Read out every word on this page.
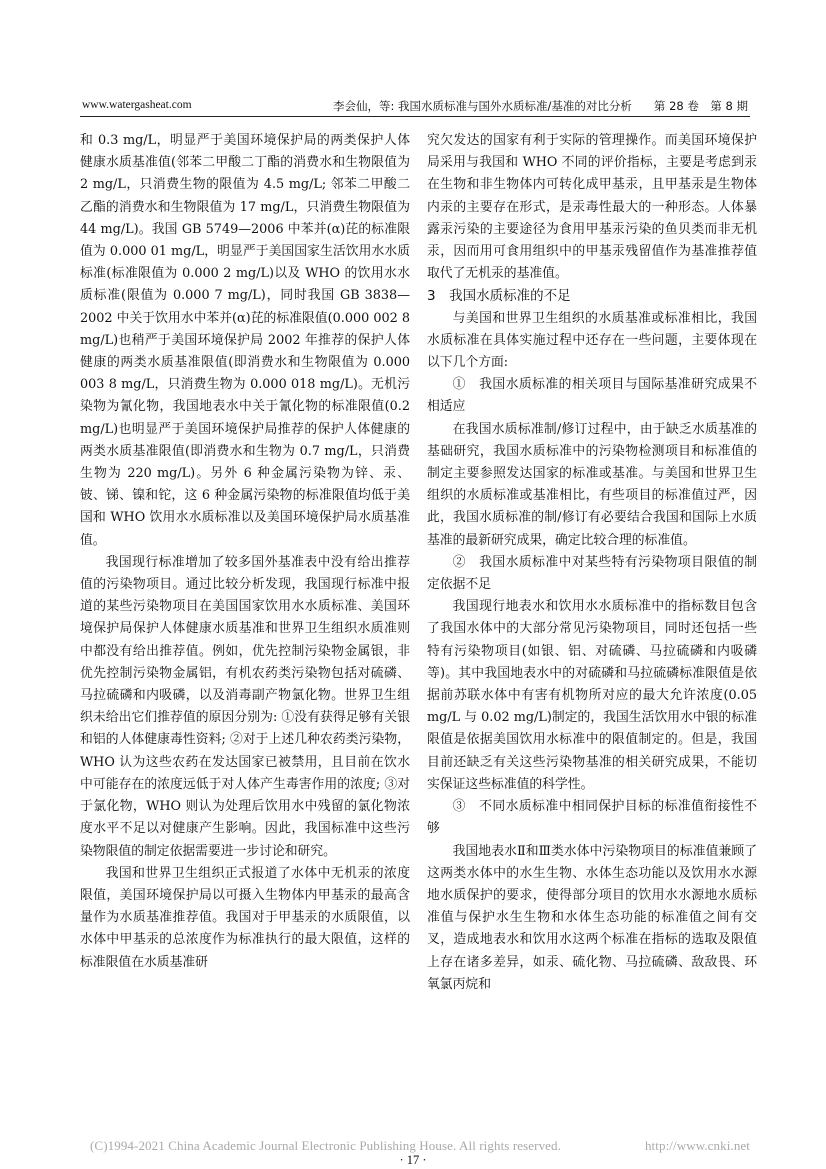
www.watergasheat.com	李会仙，等: 我国水质标准与国外水质标准/基准的对比分析 第 28 卷　第 8 期

和 0.3 mg/L，明显严于美国环境保护局的两类保护人体健康水质基准值(邻苯二甲酸二丁酯的消费水和生物限值为 2 mg/L，只消费生物的限值为 4.5 mg/L; 邻苯二甲酸二乙酯的消费水和生物限值为 17 mg/L，只消费生物限值为 44 mg/L)。我国 GB 5749—2006 中苯并(α)芘的标准限值为 0.000 01 mg/L，明显严于美国国家生活饮用水水质标准(标准限值为 0.000 2 mg/L)以及 WHO 的饮用水水质标准(限值为 0.000 7 mg/L)，同时我国 GB 3838—2002 中关于饮用水中苯并(α)芘的标准限值(0.000 002 8 mg/L)也稍严于美国环境保护局 2002 年推荐的保护人体健康的两类水质基准限值(即消费水和生物限值为 0.000 003 8 mg/L，只消费生物为 0.000 018 mg/L)。无机污染物为氰化物，我国地表水中关于氰化物的标准限值(0.2 mg/L)也明显严于美国环境保护局推荐的保护人体健康的两类水质基准限值(即消费水和生物为 0.7 mg/L，只消费生物为 220 mg/L)。另外 6 种金属污染物为锌、汞、铍、锑、镍和铊，这 6 种金属污染物的标准限值均低于美国和 WHO 饮用水水质标准以及美国环境保护局水质基准值。

我国现行标准增加了较多国外基准表中没有给出推荐值的污染物项目。通过比较分析发现，我国现行标准中报道的某些污染物项目在美国国家饮用水水质标准、美国环境保护局保护人体健康水质基准和世界卫生组织水质准则中都没有给出推荐值。例如，优先控制污染物金属银，非优先控制污染物金属铝，有机农药类污染物包括对硫磷、马拉硫磷和内吸磷，以及消毒副产物氯化物。世界卫生组织未给出它们推荐值的原因分别为: ①没有获得足够有关银和铝的人体健康毒性资料; ②对于上述几种农药类污染物，WHO 认为这些农药在发达国家已被禁用，且目前在饮水中可能存在的浓度远低于对人体产生毒害作用的浓度; ③对于氯化物，WHO 则认为处理后饮用水中残留的氯化物浓度水平不足以对健康产生影响。因此，我国标准中这些污染物限值的制定依据需要进一步讨论和研究。

我国和世界卫生组织正式报道了水体中无机汞的浓度限值，美国环境保护局以可摄入生物体内甲基汞的最高含量作为水质基准推荐值。我国对于甲基汞的水质限值，以水体中甲基汞的总浓度作为标准执行的最大限值，这样的标准限值在水质基准研

究欠发达的国家有利于实际的管理操作。而美国环境保护局采用与我国和 WHO 不同的评价指标，主要是考虑到汞在生物和非生物体内可转化成甲基汞，且甲基汞是生物体内汞的主要存在形式，是汞毒性最大的一种形态。人体暴露汞污染的主要途径为食用甲基汞污染的鱼贝类而非无机汞，因而用可食用组织中的甲基汞残留值作为基准推荐值取代了无机汞的基准值。

3　我国水质标准的不足

与美国和世界卫生组织的水质基准或标准相比，我国水质标准在具体实施过程中还存在一些问题，主要体现在以下几个方面:

①　我国水质标准的相关项目与国际基准研究成果不相适应

在我国水质标准制/修订过程中，由于缺乏水质基准的基础研究，我国水质标准中的污染物检测项目和标准值的制定主要参照发达国家的标准或基准。与美国和世界卫生组织的水质标准或基准相比，有些项目的标准值过严，因此，我国水质标准的制/修订有必要结合我国和国际上水质基准的最新研究成果，确定比较合理的标准值。

②　我国水质标准中对某些特有污染物项目限值的制定依据不足

我国现行地表水和饮用水水质标准中的指标数目包含了我国水体中的大部分常见污染物项目，同时还包括一些特有污染物项目(如银、铝、对硫磷、马拉硫磷和内吸磷等)。其中我国地表水中的对硫磷和马拉硫磷标准限值是依据前苏联水体中有害有机物所对应的最大允许浓度(0.05 mg/L 与 0.02 mg/L)制定的，我国生活饮用水中银的标准限值是依据美国饮用水标准中的限值制定的。但是，我国目前还缺乏有关这些污染物基准的相关研究成果，不能切实保证这些标准值的科学性。

③　不同水质标准中相同保护目标的标准值衔接性不够

我国地表水Ⅱ和Ⅲ类水体中污染物项目的标准值兼顾了这两类水体中的水生生物、水体生态功能以及饮用水水源地水质保护的要求，使得部分项目的饮用水水源地水质标准值与保护水生生物和水体生态功能的标准值之间有交叉，造成地表水和饮用水这两个标准在指标的选取及限值上存在诸多差异，如汞、硫化物、马拉硫磷、敌敌畏、环氧氯丙烷和

(C)1994-2021 China Academic Journal Electronic Publishing House. All rights reserved.	http://www.cnki.net
· 17 ·
